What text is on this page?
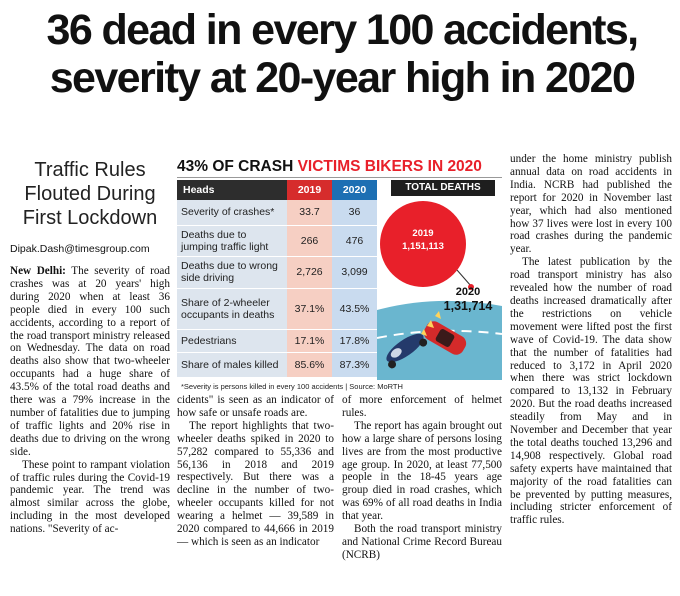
36 dead in every 100 accidents,
severity at 20-year high in 2020
Traffic Rules
Flouted During
First Lockdown
Dipak.Dash@timesgroup.com

New Delhi: The severity of road crashes was at 20 years' high during 2020 when at least 36 people died in every 100 such accidents, according to a report of the road transport ministry released on Wednesday. The data on road deaths also show that two-wheeler occupants had a huge share of 43.5% of the total road deaths and there was a 79% increase in the number of fatalities due to jumping of traffic lights and 20% rise in deaths due to driving on the wrong side.

These point to rampant violation of traffic rules during the Covid-19 pandemic year. The trend was almost similar across the globe, including in the most developed nations. "Severity of ac-

43% OF CRASH VICTIMS BIKERS IN 2020
Heads	2019	2020
Severity of crashes*	33.7	36
Deaths due to jumping traffic light	266	476
Deaths due to wrong side driving	2,726	3,099
Share of 2-wheeler occupants in deaths	37.1%	43.5%
Pedestrians	17.1%	17.8%
Share of males killed	85.6%	87.3%
TOTAL DEATHS
2019
1,151,113
2020
1,31,714
*Severity is persons killed in every 100 accidents | Source: MoRTH

cidents" is seen as an indicator of how safe or unsafe roads are.

The report highlights that two-wheeler deaths spiked in 2020 to 57,282 compared to 55,336 and 56,136 in 2018 and 2019 respectively. But there was a decline in the number of two-wheeler occupants killed for not wearing a helmet — 39,589 in 2020 compared to 44,666 in 2019 — which is seen as an indicator

of more enforcement of helmet rules.

The report has again brought out how a large share of persons losing lives are from the most productive age group. In 2020, at least 77,500 people in the 18-45 years age group died in road crashes, which was 69% of all road deaths in India that year.

Both the road transport ministry and National Crime Record Bureau (NCRB)

under the home ministry publish annual data on road accidents in India. NCRB had published the report for 2020 in November last year, which had also mentioned how 37 lives were lost in every 100 road crashes during the pandemic year.

The latest publication by the road transport ministry has also revealed how the number of road deaths increased dramatically after the restrictions on vehicle movement were lifted post the first wave of Covid-19. The data show that the number of fatalities had reduced to 3,172 in April 2020 when there was strict lockdown compared to 13,132 in February 2020. But the road deaths increased steadily from May and in November and December that year the total deaths touched 13,296 and 14,908 respectively. Global road safety experts have maintained that majority of the road fatalities can be prevented by putting measures, including stricter enforcement of traffic rules.
